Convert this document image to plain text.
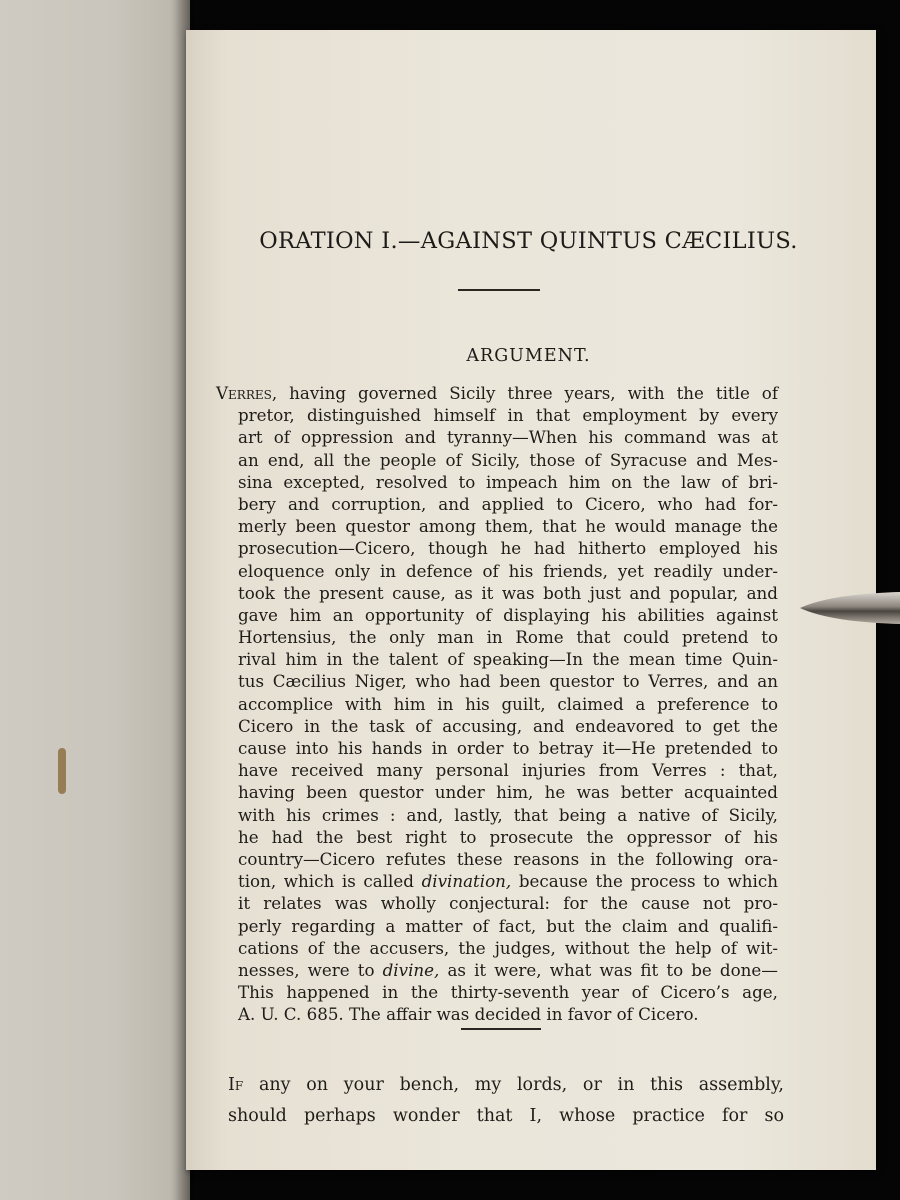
ORATION I.—AGAINST QUINTUS CÆCILIUS.
ARGUMENT.
Verres, having governed Sicily three years, with the title of
pretor, distinguished himself in that employment by every
art of oppression and tyranny—When his command was at
an end, all the people of Sicily, those of Syracuse and Mes-
sina excepted, resolved to impeach him on the law of bri-
bery and corruption, and applied to Cicero, who had for-
merly been questor among them, that he would manage the
prosecution—Cicero, though he had hitherto employed his
eloquence only in defence of his friends, yet readily under-
took the present cause, as it was both just and popular, and
gave him an opportunity of displaying his abilities against
Hortensius, the only man in Rome that could pretend to
rival him in the talent of speaking—In the mean time Quin-
tus Cæcilius Niger, who had been questor to Verres, and an
accomplice with him in his guilt, claimed a preference to
Cicero in the task of accusing, and endeavored to get the
cause into his hands in order to betray it—He pretended to
have received many personal injuries from Verres : that,
having been questor under him, he was better acquainted
with his crimes : and, lastly, that being a native of Sicily,
he had the best right to prosecute the oppressor of his
country—Cicero refutes these reasons in the following ora-
tion, which is called divination, because the process to which
it relates was wholly conjectural: for the cause not pro-
perly regarding a matter of fact, but the claim and qualifi-
cations of the accusers, the judges, without the help of wit-
nesses, were to divine, as it were, what was fit to be done—
This happened in the thirty-seventh year of Cicero’s age,
A. U. C. 685. The affair was decided in favor of Cicero.
If any on your bench, my lords, or in this assembly,
should perhaps wonder that I, whose practice for so
